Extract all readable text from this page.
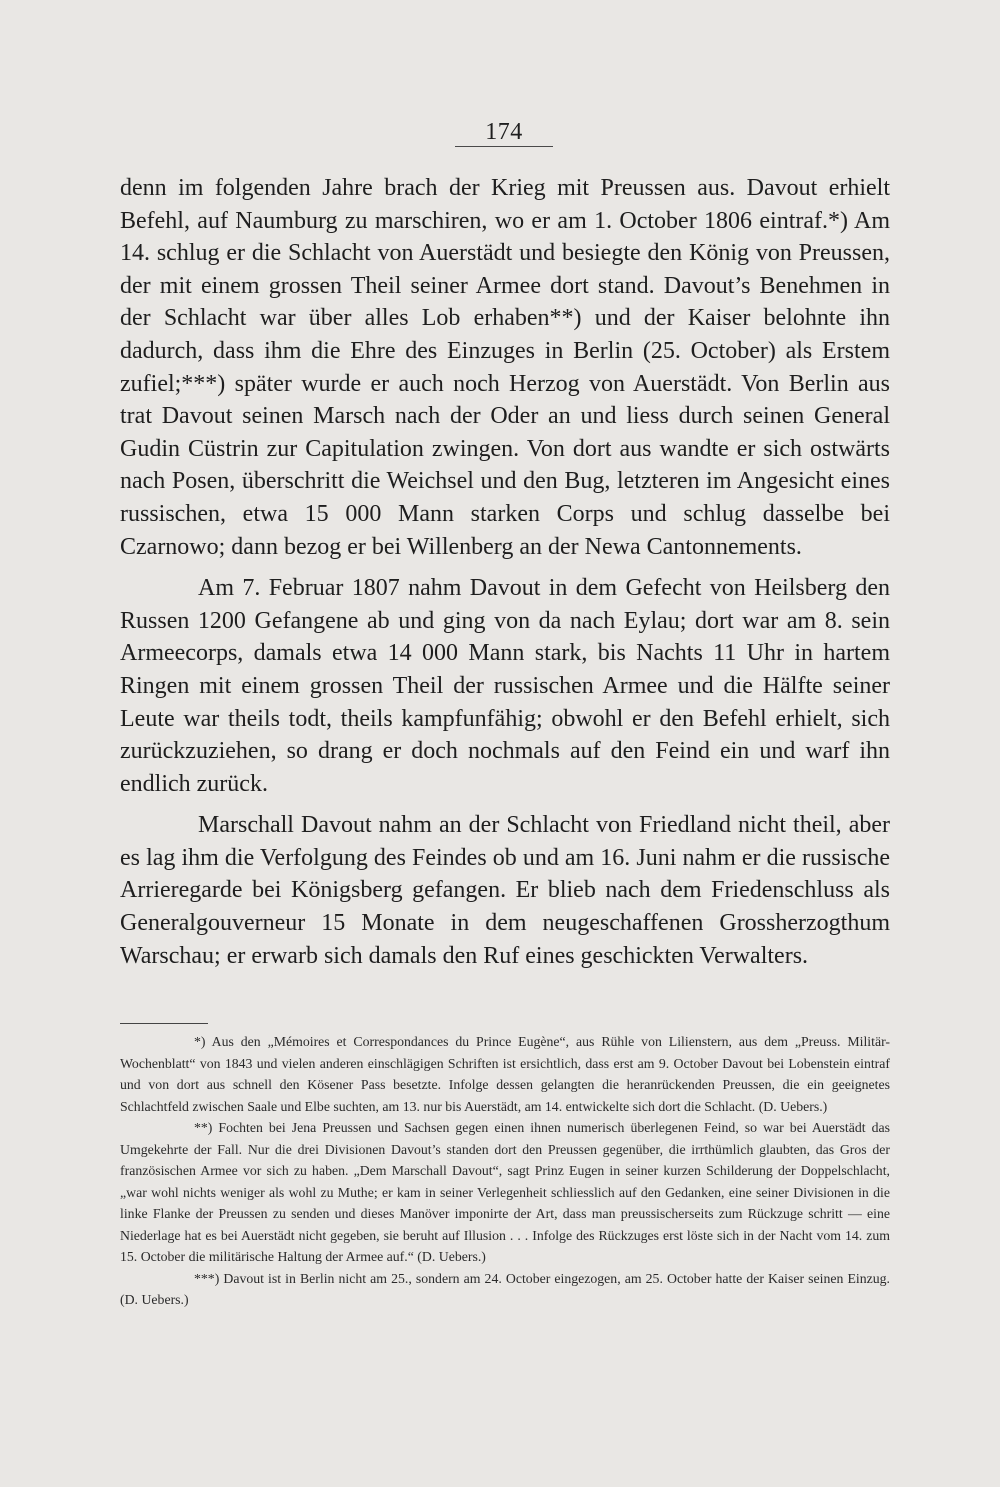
174

denn im folgenden Jahre brach der Krieg mit Preussen aus. Davout erhielt Befehl, auf Naumburg zu marschiren, wo er am 1. October 1806 eintraf.*) Am 14. schlug er die Schlacht von Auerstädt und besiegte den König von Preussen, der mit einem grossen Theil seiner Armee dort stand. Davout’s Benehmen in der Schlacht war über alles Lob erhaben**) und der Kaiser belohnte ihn dadurch, dass ihm die Ehre des Einzuges in Berlin (25. October) als Erstem zufiel;***) später wurde er auch noch Herzog von Auerstädt. Von Berlin aus trat Davout seinen Marsch nach der Oder an und liess durch seinen General Gudin Cüstrin zur Capitulation zwingen. Von dort aus wandte er sich ostwärts nach Posen, überschritt die Weichsel und den Bug, letzteren im Angesicht eines russischen, etwa 15 000 Mann starken Corps und schlug dasselbe bei Czarnowo; dann bezog er bei Willenberg an der Newa Cantonnements.

Am 7. Februar 1807 nahm Davout in dem Gefecht von Heilsberg den Russen 1200 Gefangene ab und ging von da nach Eylau; dort war am 8. sein Armeecorps, damals etwa 14 000 Mann stark, bis Nachts 11 Uhr in hartem Ringen mit einem grossen Theil der russischen Armee und die Hälfte seiner Leute war theils todt, theils kampfunfähig; obwohl er den Befehl erhielt, sich zurückzuziehen, so drang er doch nochmals auf den Feind ein und warf ihn endlich zurück.

Marschall Davout nahm an der Schlacht von Friedland nicht theil, aber es lag ihm die Verfolgung des Feindes ob und am 16. Juni nahm er die russische Arrieregarde bei Königsberg gefangen. Er blieb nach dem Friedenschluss als Generalgouverneur 15 Monate in dem neugeschaffenen Grossherzogthum Warschau; er erwarb sich damals den Ruf eines geschickten Verwalters.

*) Aus den „Mémoires et Correspondances du Prince Eugène“, aus Rühle von Lilienstern, aus dem „Preuss. Militär-Wochenblatt“ von 1843 und vielen anderen einschlägigen Schriften ist ersichtlich, dass erst am 9. October Davout bei Lobenstein eintraf und von dort aus schnell den Kösener Pass besetzte. Infolge dessen gelangten die heranrückenden Preussen, die ein geeignetes Schlachtfeld zwischen Saale und Elbe suchten, am 13. nur bis Auerstädt, am 14. entwickelte sich dort die Schlacht. (D. Uebers.)

**) Fochten bei Jena Preussen und Sachsen gegen einen ihnen numerisch überlegenen Feind, so war bei Auerstädt das Umgekehrte der Fall. Nur die drei Divisionen Davout’s standen dort den Preussen gegenüber, die irrthümlich glaubten, das Gros der französischen Armee vor sich zu haben. „Dem Marschall Davout“, sagt Prinz Eugen in seiner kurzen Schilderung der Doppelschlacht, „war wohl nichts weniger als wohl zu Muthe; er kam in seiner Verlegenheit schliesslich auf den Gedanken, eine seiner Divisionen in die linke Flanke der Preussen zu senden und dieses Manöver imponirte der Art, dass man preussischerseits zum Rückzuge schritt — eine Niederlage hat es bei Auerstädt nicht gegeben, sie beruht auf Illusion . . . Infolge des Rückzuges erst löste sich in der Nacht vom 14. zum 15. October die militärische Haltung der Armee auf.“ (D. Uebers.)

***) Davout ist in Berlin nicht am 25., sondern am 24. October eingezogen, am 25. October hatte der Kaiser seinen Einzug. (D. Uebers.)
